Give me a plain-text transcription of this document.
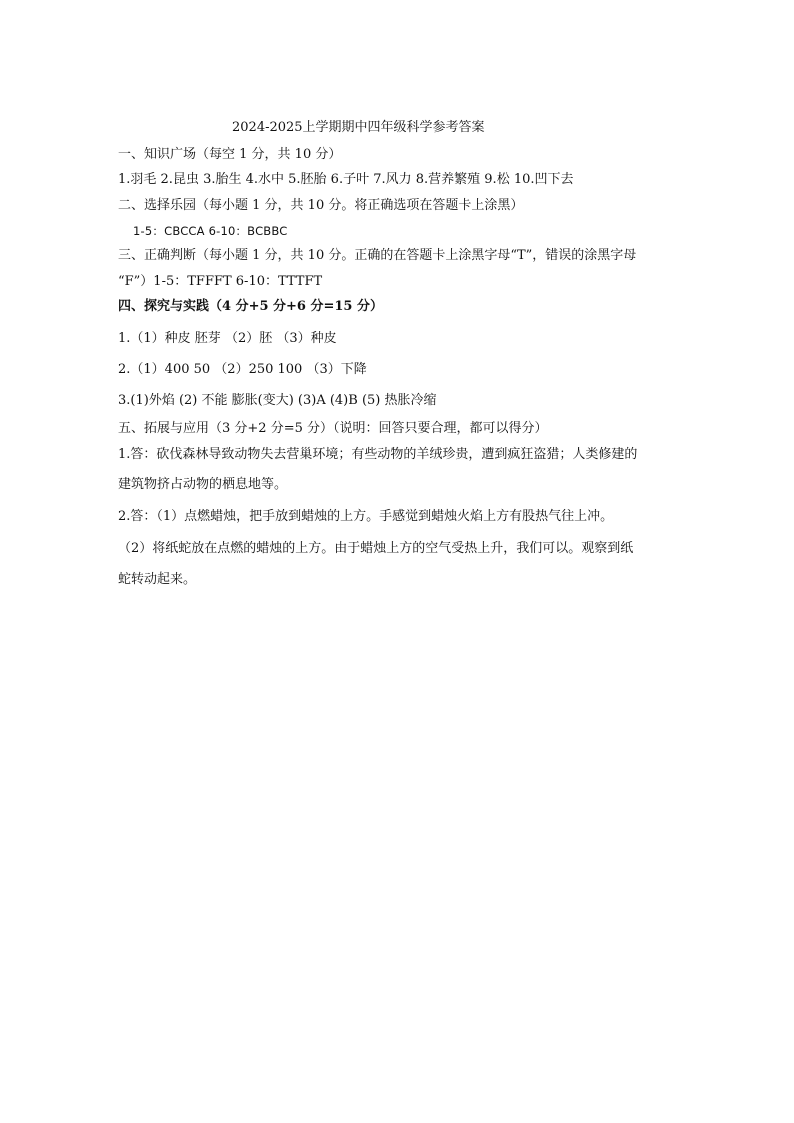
2024-2025上学期期中四年级科学参考答案
一、知识广场（每空 1 分，共 10 分）
1.羽毛 2.昆虫 3.胎生 4.水中 5.胚胎 6.子叶 7.风力 8.营养繁殖 9.松 10.凹下去
二、选择乐园（每小题 1 分，共 10 分。将正确选项在答题卡上涂黑）
1-5：CBCCA 6-10：BCBBC
三、正确判断（每小题 1 分，共 10 分。正确的在答题卡上涂黑字母“T”，错误的涂黑字母
“F”）1-5：TFFFT 6-10：TTTFT
四、探究与实践（4 分+5 分+6 分=15 分）
1.（1）种皮 胚芽 （2）胚 （3）种皮
2.（1）400 50 （2）250 100 （3）下降
3.(1)外焰 (2) 不能 膨胀(变大) (3)A (4)B (5) 热胀冷缩
五、拓展与应用（3 分+2 分=5 分）（说明：回答只要合理，都可以得分）
1.答：砍伐森林导致动物失去营巢环境；有些动物的羊绒珍贵，遭到疯狂盗猎；人类修建的
建筑物挤占动物的栖息地等。
2.答：（1）点燃蜡烛，把手放到蜡烛的上方。手感觉到蜡烛火焰上方有股热气往上冲。
（2）将纸蛇放在点燃的蜡烛的上方。由于蜡烛上方的空气受热上升，我们可以。观察到纸
蛇转动起来。
